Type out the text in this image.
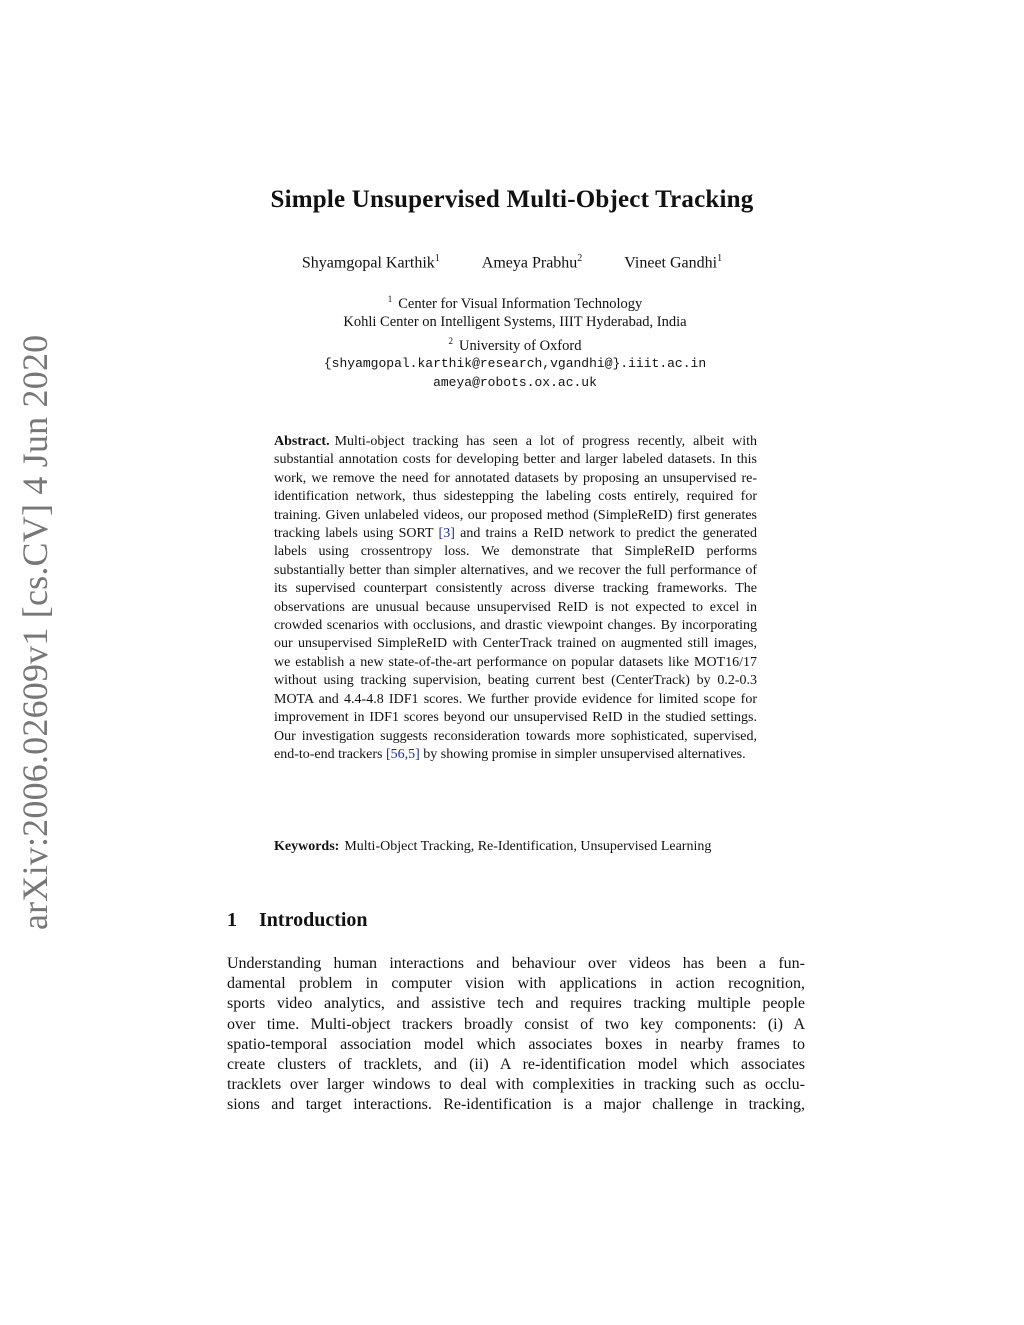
arXiv:2006.02609v1 [cs.CV] 4 Jun 2020
Simple Unsupervised Multi-Object Tracking
Shyamgopal Karthik$^1$	Ameya Prabhu$^2$	Vineet Gandhi$^1$
$^1$ Center for Visual Information Technology
Kohli Center on Intelligent Systems, IIIT Hyderabad, India
$^2$ University of Oxford
{shyamgopal.karthik@research,vgandhi@}.iiit.ac.in
ameya@robots.ox.ac.uk
Abstract. Multi-object tracking has seen a lot of progress recently, albeit with substantial annotation costs for developing better and larger labeled datasets. In this work, we remove the need for annotated datasets by proposing an unsupervised re-identification network, thus sidestepping the labeling costs entirely, required for training. Given unlabeled videos, our proposed method (SimpleReID) first generates tracking labels using SORT [3] and trains a ReID network to predict the generated labels using crossentropy loss. We demonstrate that SimpleReID performs substantially better than simpler alternatives, and we recover the full performance of its supervised counterpart consistently across diverse tracking frameworks. The observations are unusual because unsupervised ReID is not expected to excel in crowded scenarios with occlusions, and drastic viewpoint changes. By incorporating our unsupervised SimpleReID with CenterTrack trained on augmented still images, we establish a new state-of-the-art performance on popular datasets like MOT16/17 without using tracking supervision, beating current best (CenterTrack) by 0.2-0.3 MOTA and 4.4-4.8 IDF1 scores. We further provide evidence for limited scope for improvement in IDF1 scores beyond our unsupervised ReID in the studied settings. Our investigation suggests reconsideration towards more sophisticated, supervised, end-to-end trackers [56,5] by showing promise in simpler unsupervised alternatives.
Keywords: Multi-Object Tracking, Re-Identification, Unsupervised Learning
1 Introduction
Understanding human interactions and behaviour over videos has been a fun-
damental problem in computer vision with applications in action recognition,
sports video analytics, and assistive tech and requires tracking multiple people
over time. Multi-object trackers broadly consist of two key components: (i) A
spatio-temporal association model which associates boxes in nearby frames to
create clusters of tracklets, and (ii) A re-identification model which associates
tracklets over larger windows to deal with complexities in tracking such as occlu-
sions and target interactions. Re-identification is a major challenge in tracking,
